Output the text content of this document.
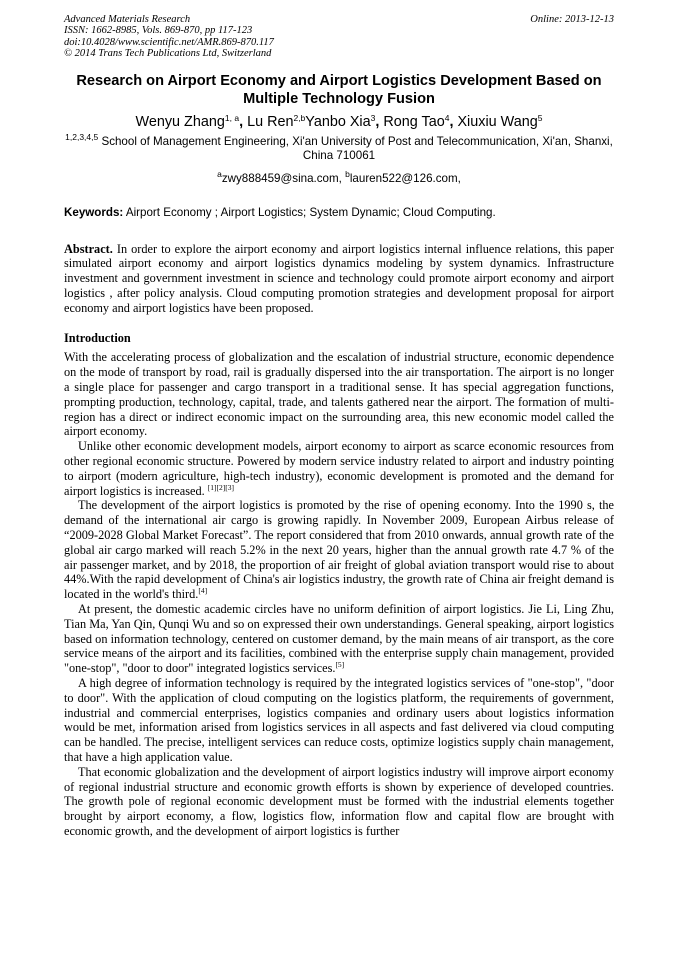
Advanced Materials Research
ISSN: 1662-8985, Vols. 869-870, pp 117-123
doi:10.4028/www.scientific.net/AMR.869-870.117
© 2014 Trans Tech Publications Ltd, Switzerland
Online: 2013-12-13
Research on Airport Economy and Airport Logistics Development Based on Multiple Technology Fusion
Wenyu Zhang$^{1, a}$, Lu Ren$^{2,b}$Yanbo Xia$^3$, Rong Tao$^4$, Xiuxiu Wang$^5$
$^{1,2,3,4,5}$ School of Management Engineering, Xi'an University of Post and Telecommunication, Xi'an, Shanxi, China 710061
$^a$zwy888459@sina.com, $^b$lauren522@126.com,
Keywords: Airport Economy ; Airport Logistics; System Dynamic; Cloud Computing.
Abstract. In order to explore the airport economy and airport logistics internal influence relations, this paper simulated airport economy and airport logistics dynamics modeling by system dynamics. Infrastructure investment and government investment in science and technology could promote airport economy and airport logistics , after policy analysis. Cloud computing promotion strategies and development proposal for airport economy and airport logistics have been proposed.
Introduction

With the accelerating process of globalization and the escalation of industrial structure, economic dependence on the mode of transport by road, rail is gradually dispersed into the air transportation. The airport is no longer a single place for passenger and cargo transport in a traditional sense. It has special aggregation functions, prompting production, technology, capital, trade, and talents gathered near the airport. The formation of multi-region has a direct or indirect economic impact on the surrounding area, this new economic model called the airport economy.

Unlike other economic development models, airport economy to airport as scarce economic resources from other regional economic structure. Powered by modern service industry related to airport and industry pointing to airport (modern agriculture, high-tech industry), economic development is promoted and the demand for airport logistics is increased. [1][2][3]

The development of the airport logistics is promoted by the rise of opening economy. Into the 1990 s, the demand of the international air cargo is growing rapidly. In November 2009, European Airbus release of “2009-2028 Global Market Forecast”. The report considered that from 2010 onwards, annual growth rate of the global air cargo marked will reach 5.2% in the next 20 years, higher than the annual growth rate 4.7 % of the air passenger market, and by 2018, the proportion of air freight of global aviation transport would rise to about 44%.With the rapid development of China's air logistics industry, the growth rate of China air freight demand is located in the world's third.[4]

At present, the domestic academic circles have no uniform definition of airport logistics. Jie Li, Ling Zhu, Tian Ma, Yan Qin, Qunqi Wu and so on expressed their own understandings. General speaking, airport logistics based on information technology, centered on customer demand, by the main means of air transport, as the core service means of the airport and its facilities, combined with the enterprise supply chain management, provided "one-stop", "door to door" integrated logistics services.[5]

A high degree of information technology is required by the integrated logistics services of "one-stop", "door to door". With the application of cloud computing on the logistics platform, the requirements of government, industrial and commercial enterprises, logistics companies and ordinary users about logistics information would be met, information arised from logistics services in all aspects and fast delivered via cloud computing can be handled. The precise, intelligent services can reduce costs, optimize logistics supply chain management, that have a high application value.

That economic globalization and the development of airport logistics industry will improve airport economy of regional industrial structure and economic growth efforts is shown by experience of developed countries. The growth pole of regional economic development must be formed with the industrial elements together brought by airport economy, a flow, logistics flow, information flow and capital flow are brought with economic growth, and the development of airport logistics is further
